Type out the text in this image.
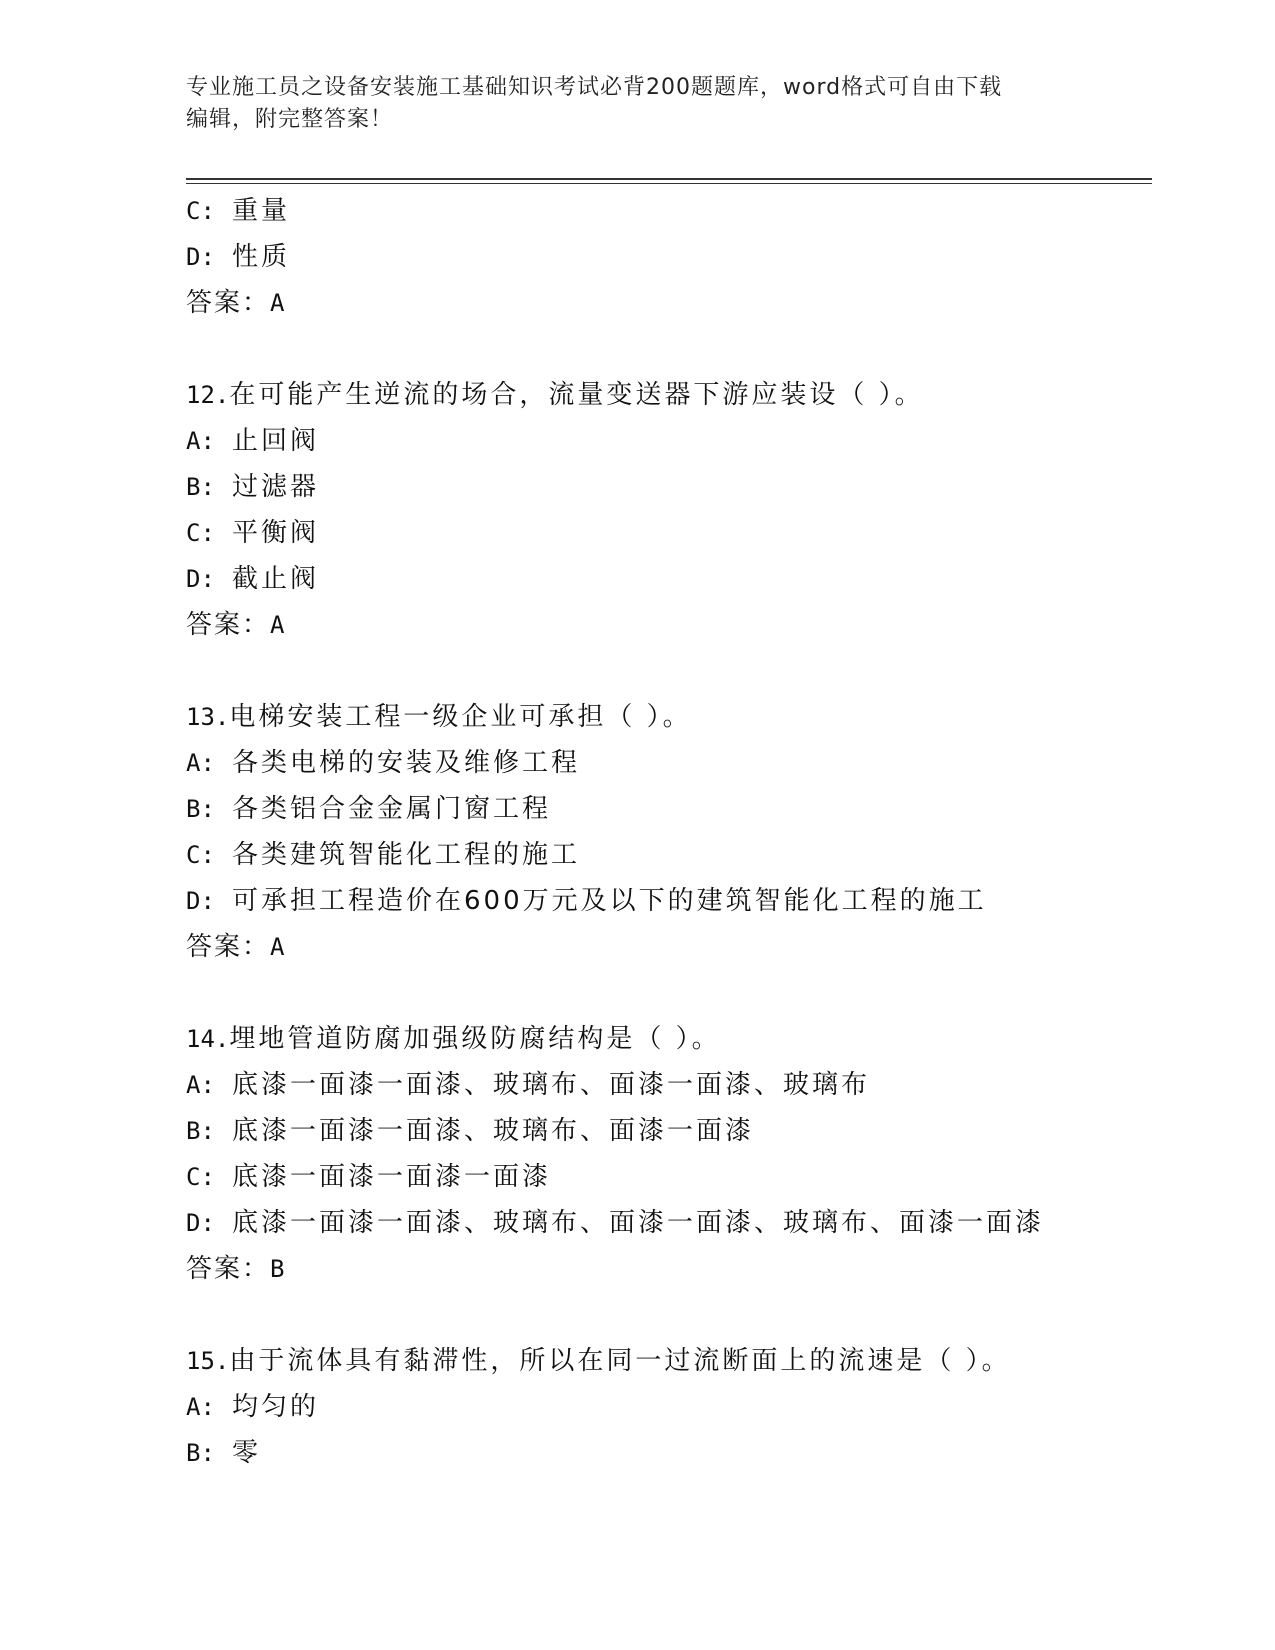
专业施工员之设备安装施工基础知识考试必背200题题库，word格式可自由下载
编辑，附完整答案！
C: 重量
D: 性质
答案：A
12.在可能产生逆流的场合，流量变送器下游应装设（ ）。
A: 止回阀
B: 过滤器
C: 平衡阀
D: 截止阀
答案：A
13.电梯安装工程一级企业可承担（ ）。
A: 各类电梯的安装及维修工程
B: 各类铝合金金属门窗工程
C: 各类建筑智能化工程的施工
D: 可承担工程造价在600万元及以下的建筑智能化工程的施工
答案：A
14.埋地管道防腐加强级防腐结构是（ ）。
A: 底漆一面漆一面漆、玻璃布、面漆一面漆、玻璃布
B: 底漆一面漆一面漆、玻璃布、面漆一面漆
C: 底漆一面漆一面漆一面漆
D: 底漆一面漆一面漆、玻璃布、面漆一面漆、玻璃布、面漆一面漆
答案：B
15.由于流体具有黏滞性，所以在同一过流断面上的流速是（ ）。
A: 均匀的
B: 零
